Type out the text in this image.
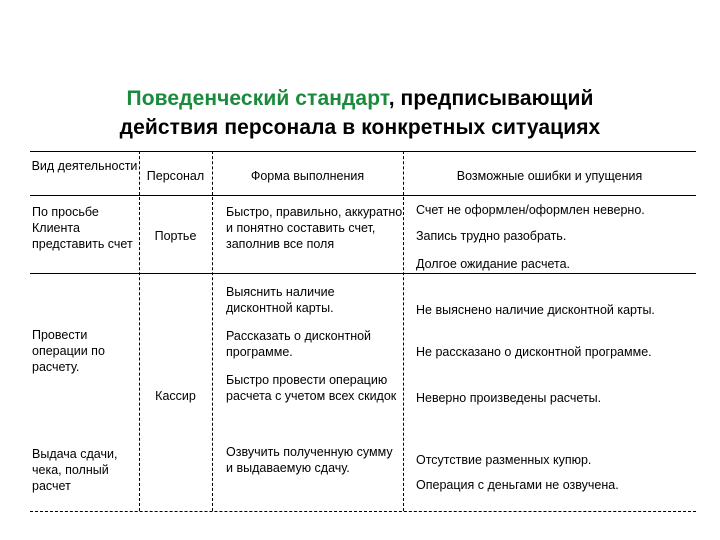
Поведенческий стандарт, предписывающий
действия персонала в конкретных ситуациях
Вид деятельности
Персонал	Форма выполнения	Возможные ошибки и упущения
По просьбе Клиента представить счет
Портье
Быстро, правильно, аккуратно и понятно составить счет, заполнив все поля
Счет не оформлен/оформлен неверно.
Запись трудно разобрать.
Долгое ожидание расчета.
Провести операции по расчету.
Кассир
Выяснить наличие дисконтной карты.
Рассказать о дисконтной программе.
Быстро провести операцию расчета с учетом всех скидок
Не выяснено наличие дисконтной карты.
Не рассказано о дисконтной программе.
Неверно произведены расчеты.
Выдача сдачи, чека, полный расчет
Озвучить полученную сумму и выдаваемую сдачу.
Отсутствие разменных купюр.
Операция с деньгами не озвучена.
